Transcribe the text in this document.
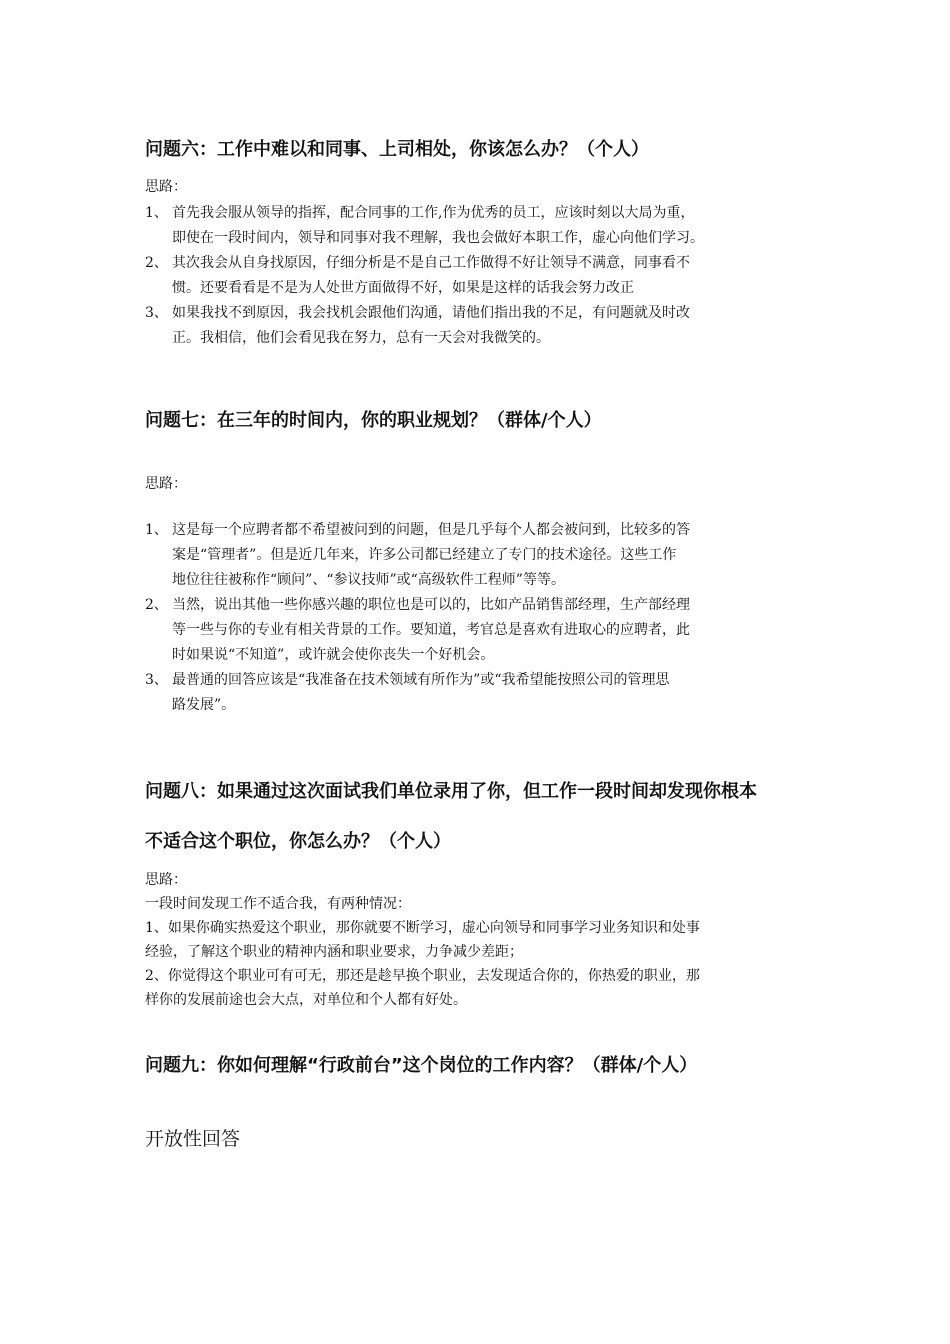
问题六：工作中难以和同事、上司相处，你该怎么办？（个人）
思路：
1、 首先我会服从领导的指挥，配合同事的工作,作为优秀的员工，应该时刻以大局为重，
即使在一段时间内，领导和同事对我不理解，我也会做好本职工作，虚心向他们学习。
2、 其次我会从自身找原因，仔细分析是不是自己工作做得不好让领导不满意，同事看不
惯。还要看看是不是为人处世方面做得不好，如果是这样的话我会努力改正
3、 如果我找不到原因，我会找机会跟他们沟通，请他们指出我的不足，有问题就及时改
正。我相信，他们会看见我在努力，总有一天会对我微笑的。
问题七：在三年的时间内，你的职业规划？（群体/个人）
思路：
1、 这是每一个应聘者都不希望被问到的问题，但是几乎每个人都会被问到，比较多的答
案是“管理者”。但是近几年来，许多公司都已经建立了专门的技术途径。这些工作
地位往往被称作“顾问”、“参议技师”或“高级软件工程师”等等。
2、 当然，说出其他一些你感兴趣的职位也是可以的，比如产品销售部经理，生产部经理
等一些与你的专业有相关背景的工作。要知道，考官总是喜欢有进取心的应聘者，此
时如果说“不知道”，或许就会使你丧失一个好机会。
3、 最普通的回答应该是“我准备在技术领域有所作为”或“我希望能按照公司的管理思
路发展”。
问题八：如果通过这次面试我们单位录用了你，但工作一段时间却发现你根本
不适合这个职位，你怎么办？（个人）
思路：
一段时间发现工作不适合我，有两种情况：
1、如果你确实热爱这个职业，那你就要不断学习，虚心向领导和同事学习业务知识和处事
经验，了解这个职业的精神内涵和职业要求，力争减少差距；
2、你觉得这个职业可有可无，那还是趁早换个职业，去发现适合你的，你热爱的职业，那
样你的发展前途也会大点，对单位和个人都有好处。
问题九：你如何理解“行政前台”这个岗位的工作内容？（群体/个人）
开放性回答
